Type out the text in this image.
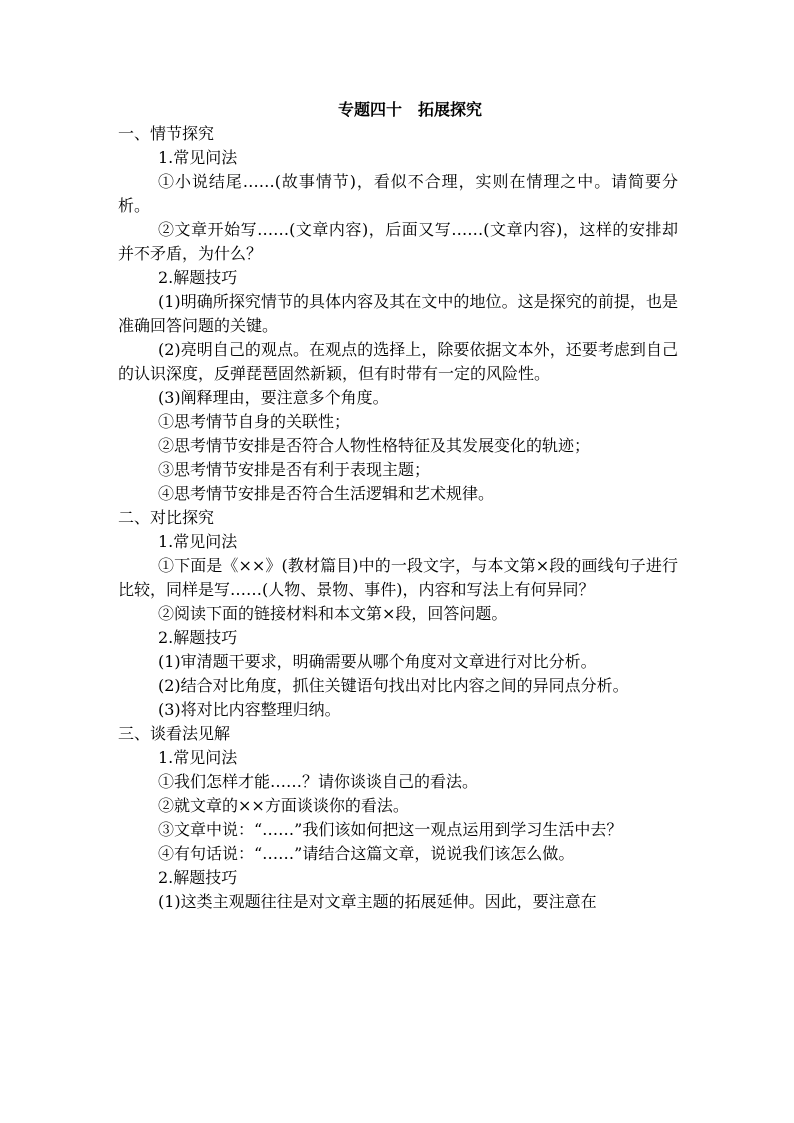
专题四十　拓展探究
一、情节探究
1.常见问法
①小说结尾……(故事情节)，看似不合理，实则在情理之中。请简要分析。
②文章开始写……(文章内容)，后面又写……(文章内容)，这样的安排却并不矛盾，为什么？
2.解题技巧
(1)明确所探究情节的具体内容及其在文中的地位。这是探究的前提，也是准确回答问题的关键。
(2)亮明自己的观点。在观点的选择上，除要依据文本外，还要考虑到自己的认识深度，反弹琵琶固然新颖，但有时带有一定的风险性。
(3)阐释理由，要注意多个角度。
①思考情节自身的关联性；
②思考情节安排是否符合人物性格特征及其发展变化的轨迹；
③思考情节安排是否有利于表现主题；
④思考情节安排是否符合生活逻辑和艺术规律。
二、对比探究
1.常见问法
①下面是《××》(教材篇目)中的一段文字，与本文第×段的画线句子进行比较，同样是写……(人物、景物、事件)，内容和写法上有何异同？
②阅读下面的链接材料和本文第×段，回答问题。
2.解题技巧
(1)审清题干要求，明确需要从哪个角度对文章进行对比分析。
(2)结合对比角度，抓住关键语句找出对比内容之间的异同点分析。
(3)将对比内容整理归纳。
三、谈看法见解
1.常见问法
①我们怎样才能……？请你谈谈自己的看法。
②就文章的××方面谈谈你的看法。
③文章中说：“……”我们该如何把这一观点运用到学习生活中去？
④有句话说：“……”请结合这篇文章，说说我们该怎么做。
2.解题技巧
(1)这类主观题往往是对文章主题的拓展延伸。因此，要注意在
